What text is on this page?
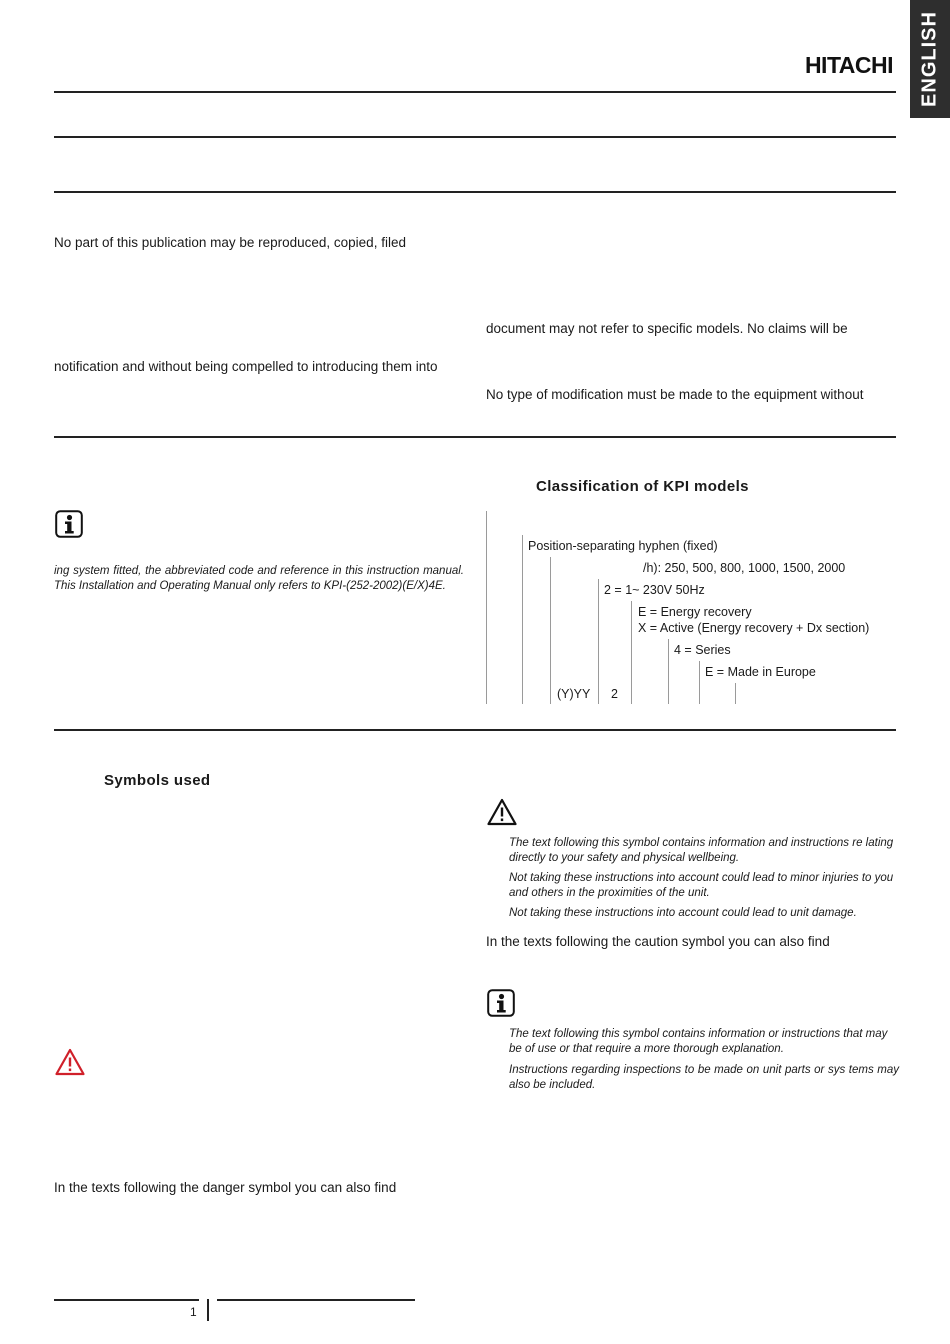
HITACHI ENGLISH
No part of this publication may be reproduced, copied, filed
notification and without being compelled to introducing them into
document may not refer to specific models. No claims will be
No type of modification must be made to the equipment without
ing system fitted, the abbreviated code and reference in this instruction manual. This Installation and Operating Manual only refers to KPI-(252-2002)(E/X)4E.
Classification of KPI models
Position-separating hyphen (fixed)
/h): 250, 500, 800, 1000, 1500, 2000
2 = 1~ 230V 50Hz
E = Energy recovery
X = Active (Energy recovery + Dx section)
4 = Series
E = Made in Europe
(Y)YY 2
Symbols used
In the texts following the danger symbol you can also find
The text following this symbol contains information and instructions re lating directly to your safety and physical wellbeing.
Not taking these instructions into account could lead to minor injuries to you and others in the proximities of the unit.
Not taking these instructions into account could lead to unit damage.
In the texts following the caution symbol you can also find
The text following this symbol contains information or instructions that may be of use or that require a more thorough explanation.
Instructions regarding inspections to be made on unit parts or sys tems may also be included.
1
